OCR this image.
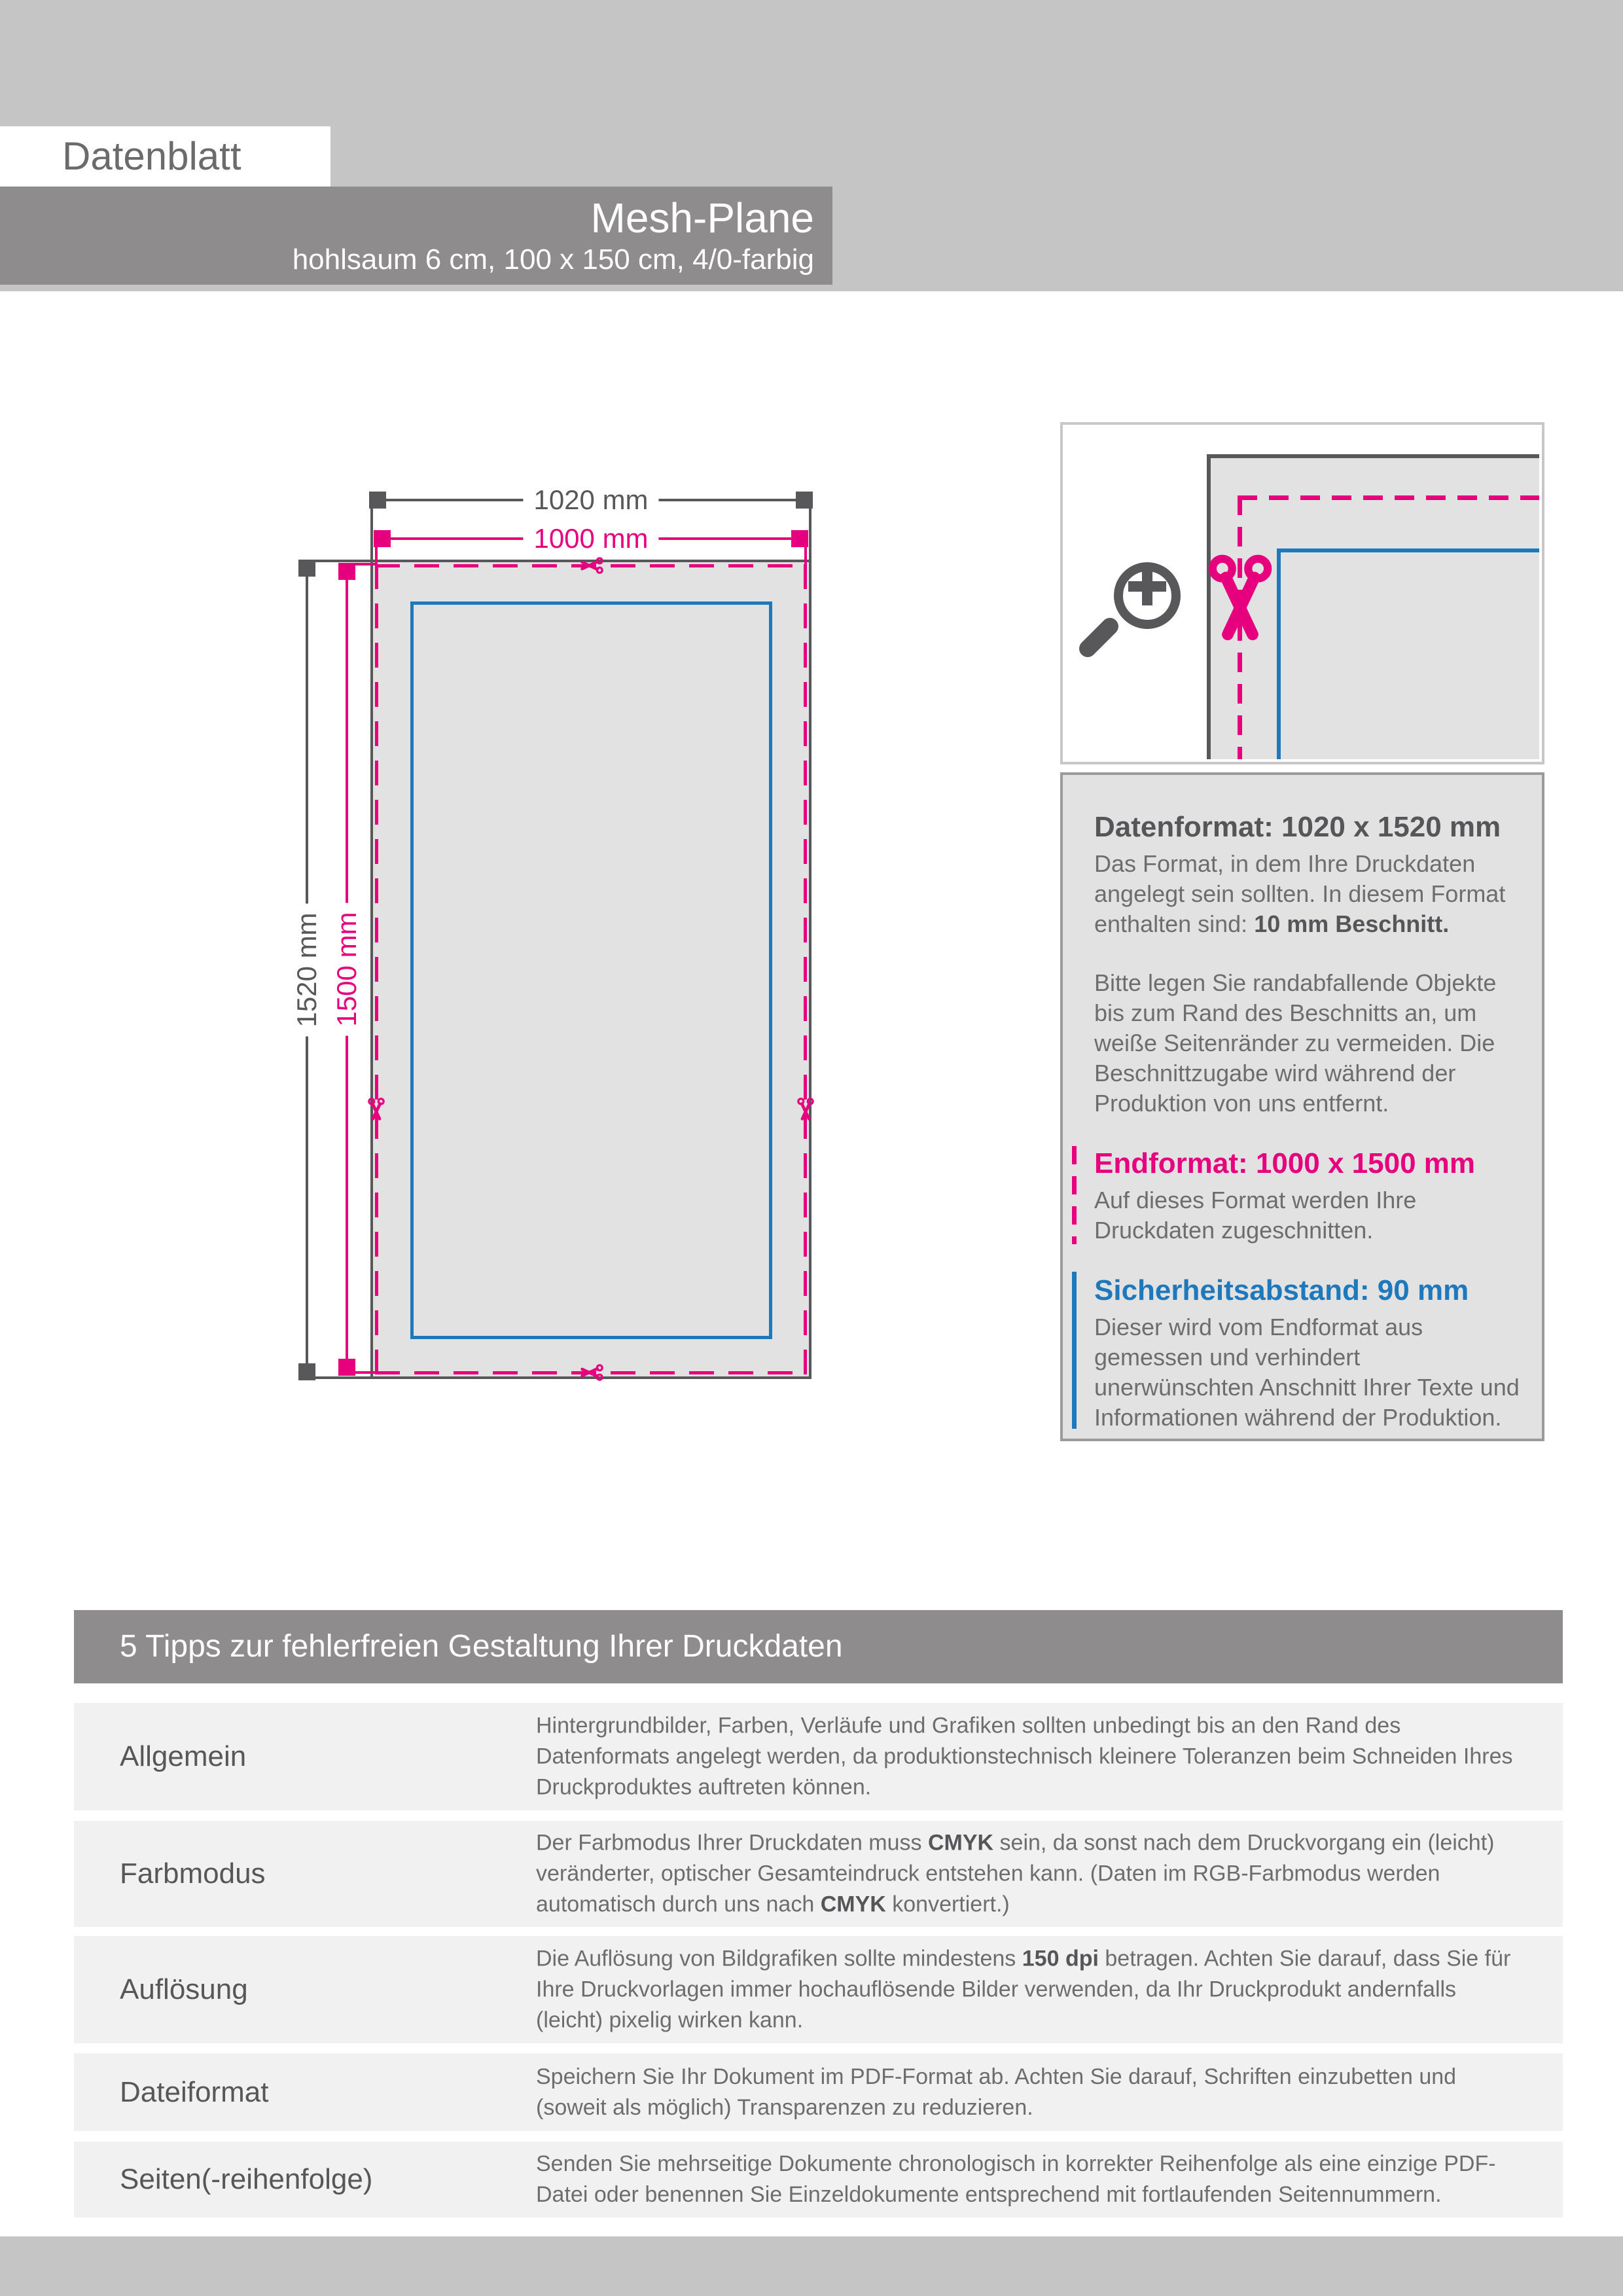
Datenblatt
Mesh-Plane
hohlsaum 6 cm, 100 x 150 cm, 4/0-farbig
1020 mm
1000 mm
1520 mm 1500 mm
Datenformat: 1020 x 1520 mm

Das Format, in dem Ihre Druckdaten angelegt sein sollten. In diesem Format enthalten sind: 10 mm Beschnitt.

Bitte legen Sie randabfallende Objekte bis zum Rand des Beschnitts an, um weiße Seitenränder zu vermeiden. Die Beschnittzugabe wird während der Produktion von uns entfernt.

Endformat: 1000 x 1500 mm

Auf dieses Format werden Ihre Druckdaten zugeschnitten.

Sicherheitsabstand: 90 mm

Dieser wird vom Endformat aus gemessen und verhindert unerwünschten Anschnitt Ihrer Texte und Informationen während der Produktion.

5 Tipps zur fehlerfreien Gestaltung Ihrer Druckdaten
Allgemein
Hintergrundbilder, Farben, Verläufe und Grafiken sollten unbedingt bis an den Rand des Datenformats angelegt werden, da produktionstechnisch kleinere Toleranzen beim Schneiden Ihres Druckproduktes auftreten können.
Farbmodus
Der Farbmodus Ihrer Druckdaten muss CMYK sein, da sonst nach dem Druckvorgang ein (leicht) veränderter, optischer Gesamteindruck entstehen kann. (Daten im RGB-Farbmodus werden automatisch durch uns nach CMYK konvertiert.)
Auflösung
Die Auflösung von Bildgrafiken sollte mindestens 150 dpi betragen. Achten Sie darauf, dass Sie für Ihre Druckvorlagen immer hochauflösende Bilder verwenden, da Ihr Druckprodukt andernfalls (leicht) pixelig wirken kann.
Dateiformat	Speichern Sie Ihr Dokument im PDF-Format ab. Achten Sie darauf, Schriften einzubetten und (soweit als möglich) Transparenzen zu reduzieren.
Seiten(-reihenfolge)	Senden Sie mehrseitige Dokumente chronologisch in korrekter Reihenfolge als eine einzige PDF-Datei oder benennen Sie Einzeldokumente entsprechend mit fortlaufenden Seitennummern.
